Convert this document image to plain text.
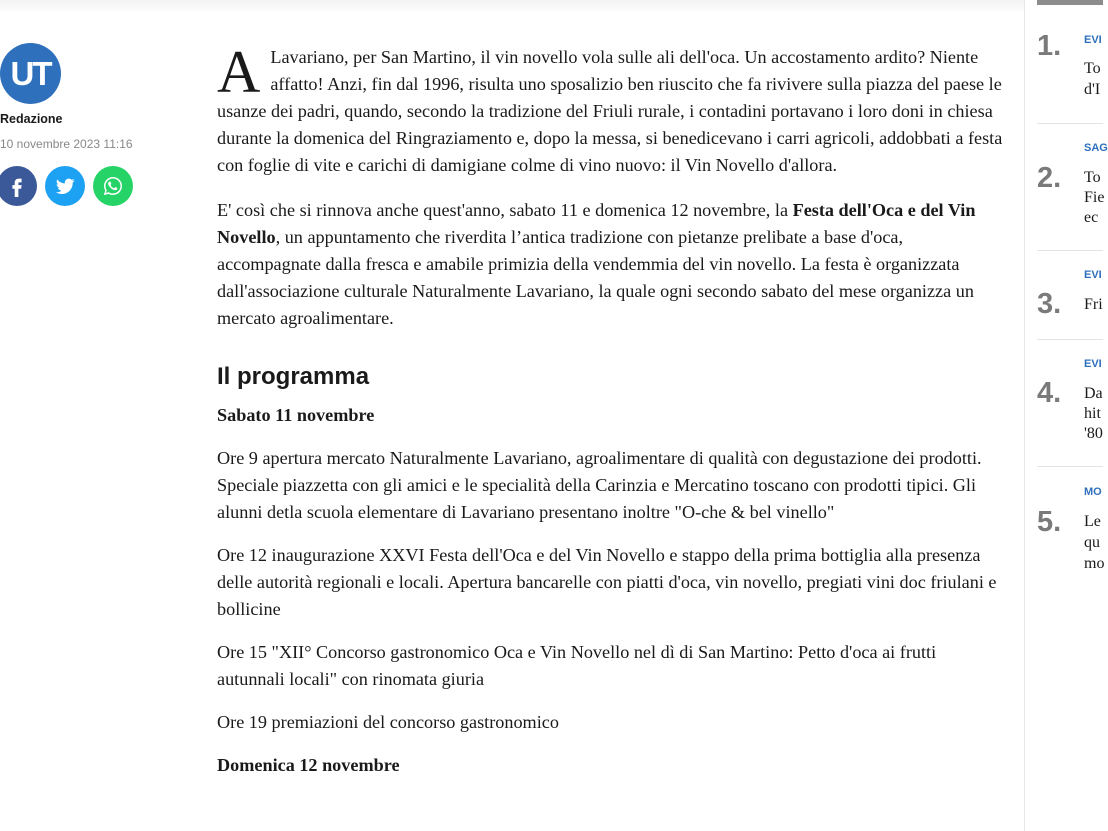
UT
Redazione
10 novembre 2023 11:16

A Lavariano, per San Martino, il vin novello vola sulle ali dell'oca. Un accostamento ardito? Niente affatto! Anzi, fin dal 1996, risulta uno sposalizio ben riuscito che fa rivivere sulla piazza del paese le usanze dei padri, quando, secondo la tradizione del Friuli rurale, i contadini portavano i loro doni in chiesa durante la domenica del Ringraziamento e, dopo la messa, si benedicevano i carri agricoli, addobbati a festa con foglie di vite e carichi di damigiane colme di vino nuovo: il Vin Novello d'allora.

E' così che si rinnova anche quest'anno, sabato 11 e domenica 12 novembre, la Festa dell'Oca e del Vin Novello, un appuntamento che riverdita l’antica tradizione con pietanze prelibate a base d'oca, accompagnate dalla fresca e amabile primizia della vendemmia del vin novello. La festa è organizzata dall'associazione culturale Naturalmente Lavariano, la quale ogni secondo sabato del mese organizza un mercato agroalimentare.

Il programma
Sabato 11 novembre

Ore 9 apertura mercato Naturalmente Lavariano, agroalimentare di qualità con degustazione dei prodotti. Speciale piazzetta con gli amici e le specialità della Carinzia e Mercatino toscano con prodotti tipici. Gli alunni detla scuola elementare di Lavariano presentano inoltre "O-che & bel vinello"

Ore 12 inaugurazione XXVI Festa dell'Oca e del Vin Novello e stappo della prima bottiglia alla presenza delle autorità regionali e locali. Apertura bancarelle con piatti d'oca, vin novello, pregiati vini doc friulani e bollicine

Ore 15 "XII° Concorso gastronomico Oca e Vin Novello nel dì di San Martino: Petto d'oca ai frutti autunnali locali" con rinomata giuria

Ore 19 premiazioni del concorso gastronomico

Domenica 12 novembre
1. EVI
To
d'I
2.
SAG
To
Fie
ec
3.
EVI
Fri
4.
EVI
Da
hit
'80
5.
MO
Le
qu
mo
